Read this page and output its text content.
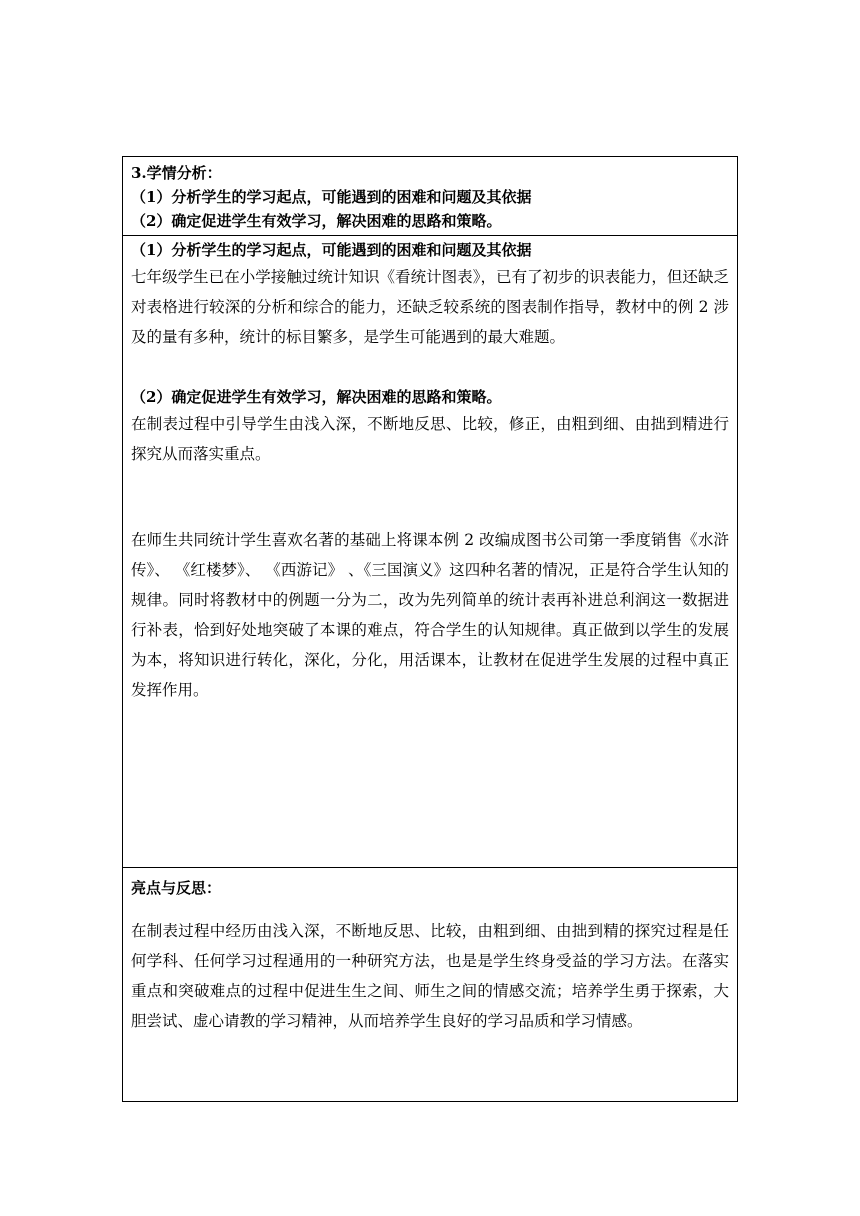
3.学情分析：
（1）分析学生的学习起点，可能遇到的困难和问题及其依据
（2）确定促进学生有效学习，解决困难的思路和策略。
（1）分析学生的学习起点，可能遇到的困难和问题及其依据

七年级学生已在小学接触过统计知识《看统计图表》，已有了初步的识表能力，但还缺乏对表格进行较深的分析和综合的能力，还缺乏较系统的图表制作指导，教材中的例 2 涉及的量有多种，统计的标目繁多，是学生可能遇到的最大难题。

（2）确定促进学生有效学习，解决困难的思路和策略。

在制表过程中引导学生由浅入深，不断地反思、比较，修正，由粗到细、由拙到精进行探究从而落实重点。

在师生共同统计学生喜欢名著的基础上将课本例 2 改编成图书公司第一季度销售《水浒传》、 《红楼梦》、 《西游记》 、《三国演义》这四种名著的情况，正是符合学生认知的规律。同时将教材中的例题一分为二，改为先列简单的统计表再补进总利润这一数据进行补表，恰到好处地突破了本课的难点，符合学生的认知规律。真正做到以学生的发展为本，将知识进行转化，深化，分化，用活课本，让教材在促进学生发展的过程中真正发挥作用。

亮点与反思：

在制表过程中经历由浅入深，不断地反思、比较，由粗到细、由拙到精的探究过程是任何学科、任何学习过程通用的一种研究方法，也是是学生终身受益的学习方法。在落实重点和突破难点的过程中促进生生之间、师生之间的情感交流；培养学生勇于探索，大胆尝试、虚心请教的学习精神，从而培养学生良好的学习品质和学习情感。
